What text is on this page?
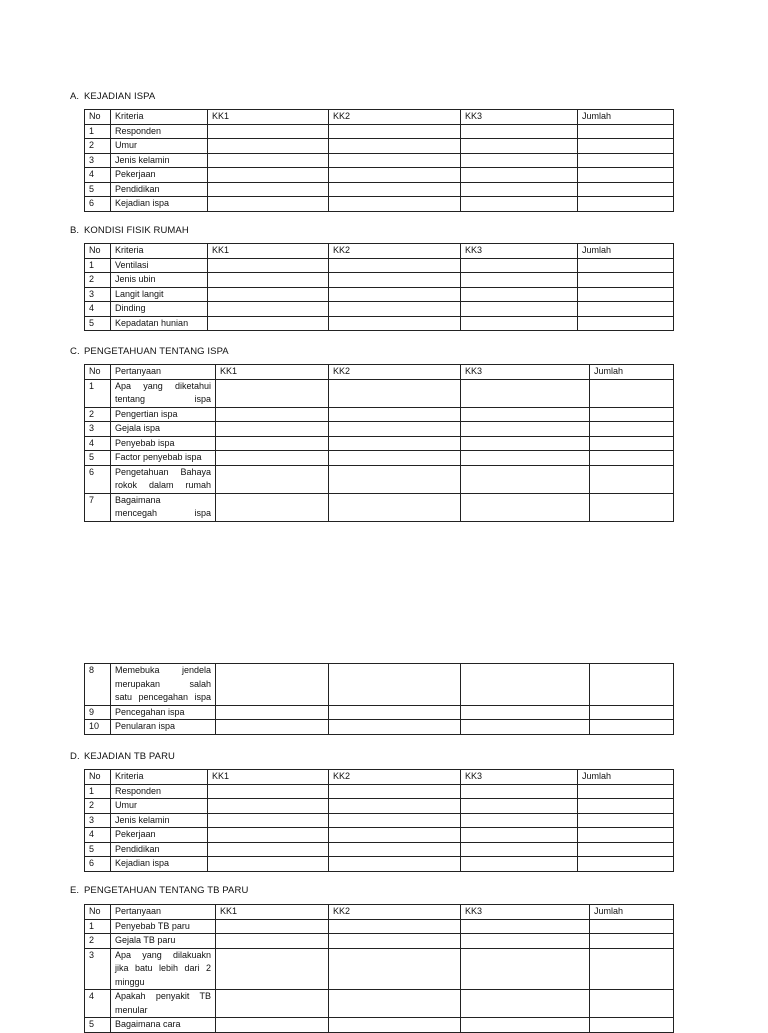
A. KEJADIAN ISPA
No	Kriteria	KK1	KK2	KK3	Jumlah
1	Responden				

2	Umur				

3	Jenis kelamin				

4	Pekerjaan				

5	Pendidikan				

6	Kejadian ispa				

B. KONDISI FISIK RUMAH
No	Kriteria	KK1	KK2	KK3	Jumlah
1	Ventilasi				

2	Jenis ubin				

3	Langit langit				

4	Dinding				

5	Kepadatan hunian				

C. PENGETAHUAN TENTANG ISPA
No	Pertanyaan	KK1	KK2	KK3	Jumlah
1	Apa yang diketahui
tentang ispa				

2	Pengertian ispa				

3	Gejala ispa				

4	Penyebab ispa				

5	Factor penyebab ispa				

6	Pengetahuan Bahaya
rokok dalam rumah				

7	Bagaimana
mencegah ispa				

8	Memebuka jendela
merupakan salah
satu pencegahan ispa				

9	Pencegahan ispa				

10	Penularan ispa				

D. KEJADIAN TB PARU
No	Kriteria	KK1	KK2	KK3	Jumlah
1	Responden				

2	Umur				

3	Jenis kelamin				

4	Pekerjaan				

5	Pendidikan				

6	Kejadian ispa				

E. PENGETAHUAN TENTANG TB PARU
No	Pertanyaan	KK1	KK2	KK3	Jumlah
1	Penyebab TB paru				

2	Gejala TB paru				

3	Apa yang dilakuakn
jika batu lebih dari 2
minggu				

4	Apakah penyakit TB
menular				

5	Bagaimana cara				
